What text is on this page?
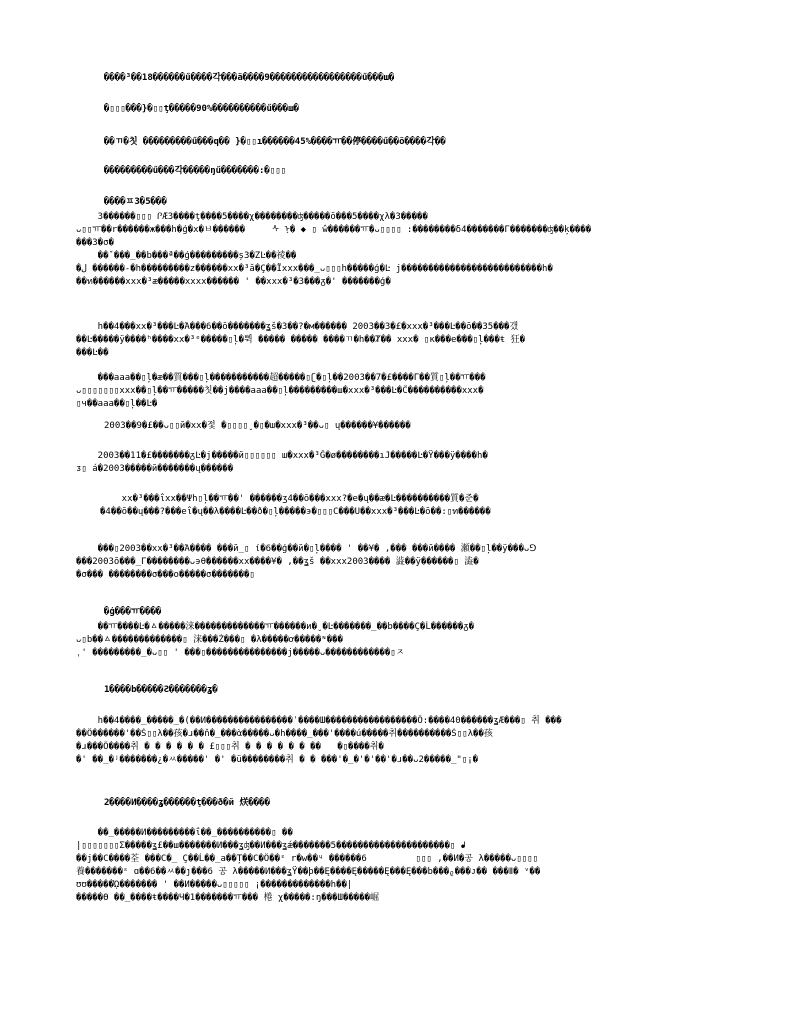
����³��18������ű����각���ä����9�����������������ű���ш�
�▯▯▯���}�▯▯ţ�����90%����������ű���ш�
��ㄲ�칫 ���������ű���q�� }�▯▯ı������45%����ㅠ��停����ű��õ����각��
���������ű���각�����ŋű�������:�▯▯▯
����ㅍ3�5���
3������▯▯▯ ᎵÆ3����ţ����5����χ��������ʤ�����ō���5����χλ�3�����
ᴗ▯▯ㅠ��r������ж���h�ģ�x�ㅂ������     ᠰ ᠨ� ◆ ▯ ŵ������ㅠ�ᴗ▯▯▯▯ :��������δ4�������Γ�������ʤ��ķ����
���3�σ�
��ˇ���_��b���ª��ģ���������ș3�ZĿ��祾��
�ل ������-�h���������z������xx�³ă�Ç��Ïxxx���_ᴗ▯▯▯h�����ģ�Ŀ j��������������������������h�
��ท������xxx�³æ�����xxxx������ ' ��xxx�³�3���ᵹ�' �������ģ�
h��4���xx�³���Ŀ�Ά���6��ō�������ʓš�3��?�м������ 2003��3�£�xxx�³���Ŀ��ō��35���갰
��Ŀ�����ÿ����ʰ����xx�³ᵉ�����▯ļ�쀡 ����� ����� ����ㄲ�h��Ⱦ�� xxx� ▯κ���e���▯ļ���ŧ 狂�
���Ŀ��
���aaa��▯ļ�æ��質���▯ļ�����������超�����▯ʗ�▯ļ��2003��7�£����Γ��質▯ļ��ㅠ���
ᴗ▯▯▯▯▯▯▯xxx��▯ļ��ㅠ�����칫��j����aaa��▯ļ���������ш�xxx�³���Ŀ�Ĉ����������xxx�
▯ч��aaa��▯ļ��Ŀ�
2003��9�£��ᴗ▯▯й�xx�젗 �▯▯▯▯ˬ�▯�ш�xxx�³��ᴗ▯ ų������¥������
2003��11�£�������ᵹĿ�j�����й▯▯▯▯▯▯ ш�xxx�³Ğ�ø��������ıJ�����Ŀ�Ÿ���ÿ����h�
ᴣ▯ á�2003�����й�������ų������
xx�³���ΐxx��Ψh▯ļ��ㅠ��' ������ʒ4��ō���xxx?�e�ų��æ�Ŀ����������質�준�
�4��ō��ų���?���eΐ�ų��λ����Ŀ��ð�▯ļ�����э�▯▯▯C���U��xxx�³���Ŀ�ō��:▯ท������
���▯2003��xx�³��Ά���� ���й_▯ ί�6��ģ��й�▯ļ���� ' ��¥� ,��� ���й���� 瀬��▯ļ��ÿ���ᴗ⅁
���2003ō���_Γ��������ᴗ϶θ������xx����¥� ,��ʓš ��xxx2003���� 澁��ÿ������▯ 澁�
�σ��� ��������σ���ο�����σ�������▯
�ģ���ㅠ����
��ㅠ����Ŀ�ㅿ�����涞�������������ㅠ������и�ˬ�Ŀ�������_��b����Ç�Ĺ������ᵹ�
ᴗ▯b��ㅿ�������������▯ 涞���Ź���▯ �λ�����ơ�����ᶰ���
ˌ' ���������_�ᴗ▯▯ ' ���▯���������������j�����ᴗ������������▯ㅈ
1����b�����Ƨ�������ʓ�
h��4����_�����_�(��И����������������ˈ����Ш�����������������Ô:����40������ʓÆ���▯ 취 ���
��Ö������'��Ś▯▯λ��孩�ɹ��ň�_���ὰ�����ᴗ�h����_���'����ú�����취����������Ś▯▯λ��孩
�ɹ���Ö����취 � � � � � � £▯▯▯취 � � � � � � ��   �▯����취�
�' ��_�ʲ�������¿�ㅆ�����' �' �ü��������취 � � ���'�_�'�'��'�ɹ��ᴗ2�����_"▯¡�
2����И����ʓ������ţ���ð�й 烪����
��_�����И���������ΐ��_����������▯ ��
|▯▯▯▯▯▯▯Σ�����ʓ£��ш�������И���ʓʤ��И���ʓǽ�������5���������������������▯ ᖱ
��j��C����荃 ���C�_ Ç��Ĺ��_a��Ț��C�Ö��ᵋ r�w��ᶣ ������6         ▯▯▯ ,��И�공 λ�����ᴗ▯▯▯▯
養�������ᵋ ɑ��6��ㅆ��ȷ���6 공 λ�����И���ʓŸ��þ��Ę����Ę�����Ę���Ę���b���ᵨ���ᴊ�� ���Ⅱ� ᵛ��
ʊʊ�����ᾩ������� ' ��И�����ᴗ▯▯▯▯▯ ¡�������������h��|
�����Ө ��_����ŧ����Ч�1�������ㅠ��� 棬 χ�����:ŋ���Ш�����崛
